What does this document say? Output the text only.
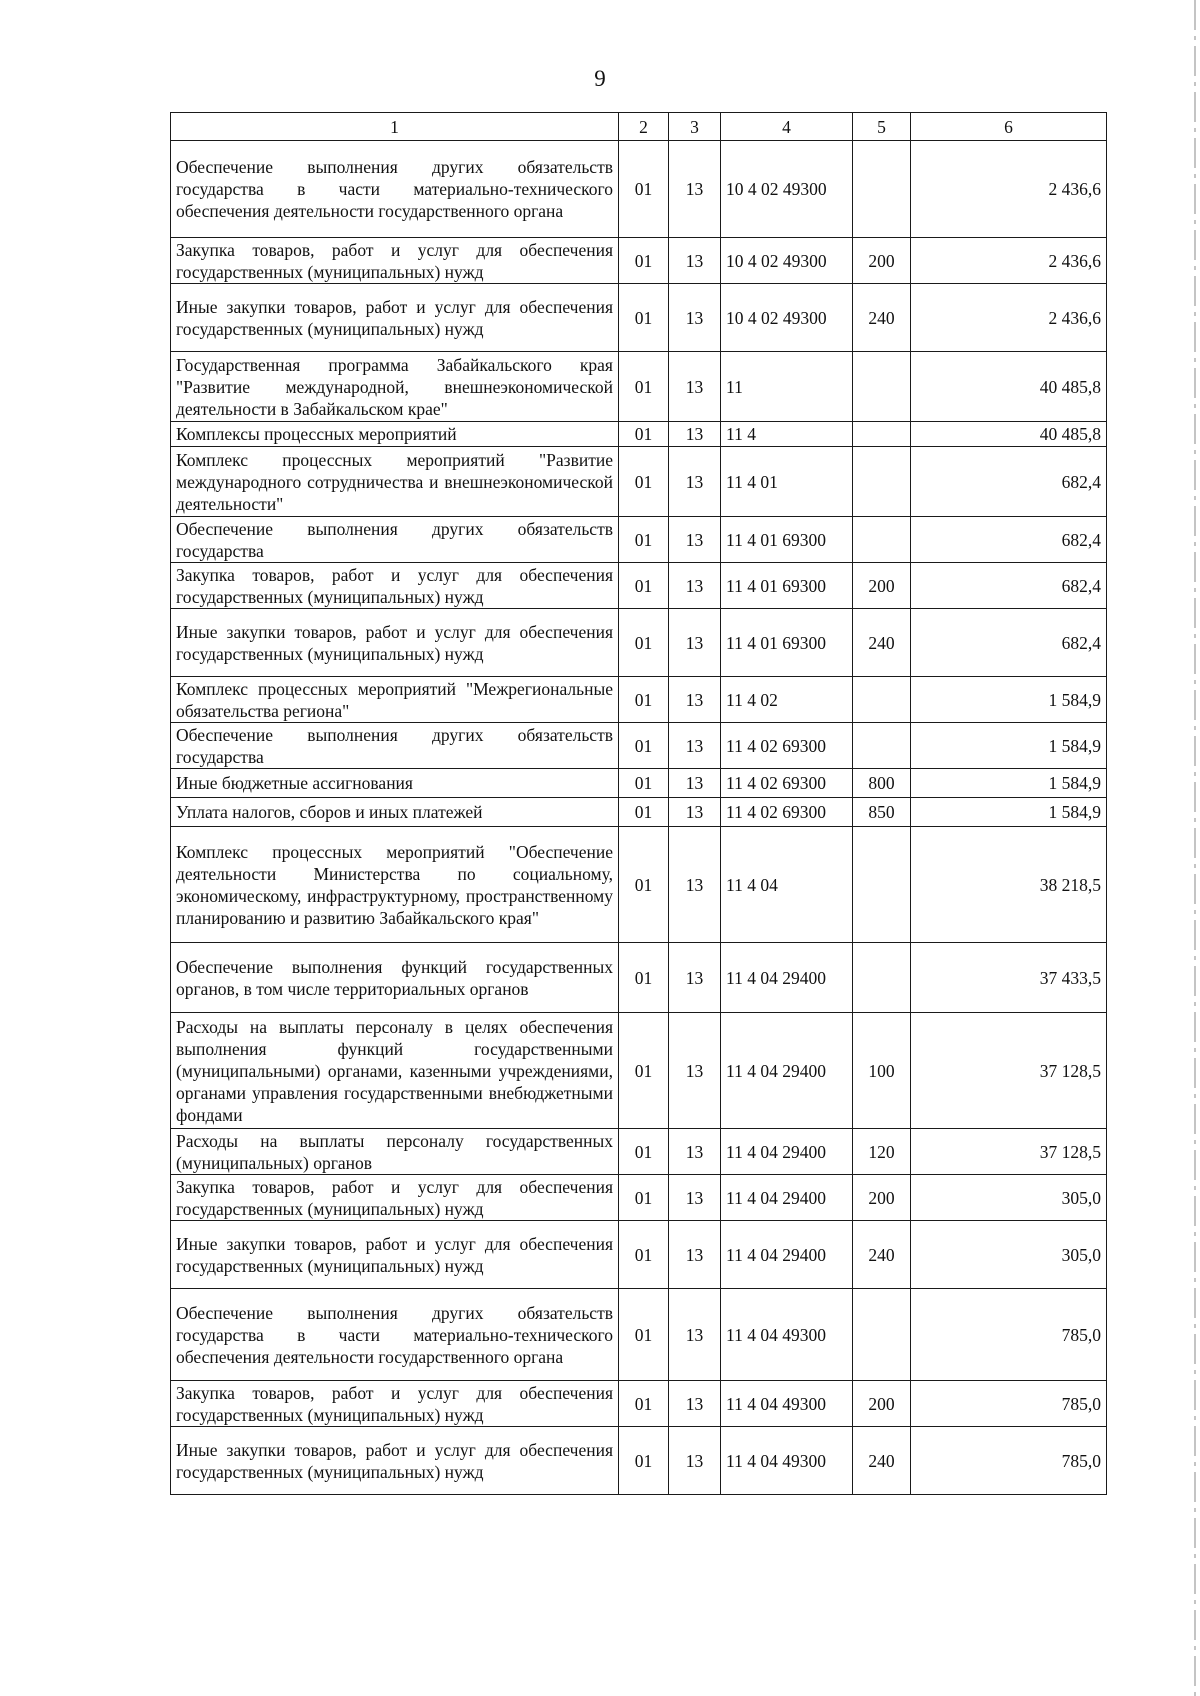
9
1	2	3	4	5	6
Обеспечение выполнения других обязательств государства в части материально-технического обеспечения деятельности государственного органа	01	13	10 4 02 49300		2 436,6
Закупка товаров, работ и услуг для обеспечения государственных (муниципальных) нужд	01	13	10 4 02 49300	200	2 436,6
Иные закупки товаров, работ и услуг для обеспечения государственных (муниципальных) нужд	01	13	10 4 02 49300	240	2 436,6
Государственная программа Забайкальского края "Развитие международной, внешнеэкономической деятельности в Забайкальском крае"	01	13	11		40 485,8
Комплексы процессных мероприятий	01	13	11 4		40 485,8
Комплекс процессных мероприятий "Развитие международного сотрудничества и внешнеэкономической деятельности"	01	13	11 4 01		682,4
Обеспечение выполнения других обязательств государства	01	13	11 4 01 69300		682,4
Закупка товаров, работ и услуг для обеспечения государственных (муниципальных) нужд	01	13	11 4 01 69300	200	682,4
Иные закупки товаров, работ и услуг для обеспечения государственных (муниципальных) нужд	01	13	11 4 01 69300	240	682,4
Комплекс процессных мероприятий "Межрегиональные обязательства региона"	01	13	11 4 02		1 584,9
Обеспечение выполнения других обязательств государства	01	13	11 4 02 69300		1 584,9
Иные бюджетные ассигнования	01	13	11 4 02 69300	800	1 584,9
Уплата налогов, сборов и иных платежей	01	13	11 4 02 69300	850	1 584,9
Комплекс процессных мероприятий "Обеспечение деятельности Министерства по социальному, экономическому, инфраструктурному, пространственному планированию и развитию Забайкальского края"	01	13	11 4 04		38 218,5
Обеспечение выполнения функций государственных органов, в том числе территориальных органов	01	13	11 4 04 29400		37 433,5
Расходы на выплаты персоналу в целях обеспечения выполнения функций государственными (муниципальными) органами, казенными учреждениями, органами управления государственными внебюджетными фондами	01	13	11 4 04 29400	100	37 128,5
Расходы на выплаты персоналу государственных (муниципальных) органов	01	13	11 4 04 29400	120	37 128,5
Закупка товаров, работ и услуг для обеспечения государственных (муниципальных) нужд	01	13	11 4 04 29400	200	305,0
Иные закупки товаров, работ и услуг для обеспечения государственных (муниципальных) нужд	01	13	11 4 04 29400	240	305,0
Обеспечение выполнения других обязательств государства в части материально-технического обеспечения деятельности государственного органа	01	13	11 4 04 49300		785,0
Закупка товаров, работ и услуг для обеспечения государственных (муниципальных) нужд	01	13	11 4 04 49300	200	785,0
Иные закупки товаров, работ и услуг для обеспечения государственных (муниципальных) нужд	01	13	11 4 04 49300	240	785,0
